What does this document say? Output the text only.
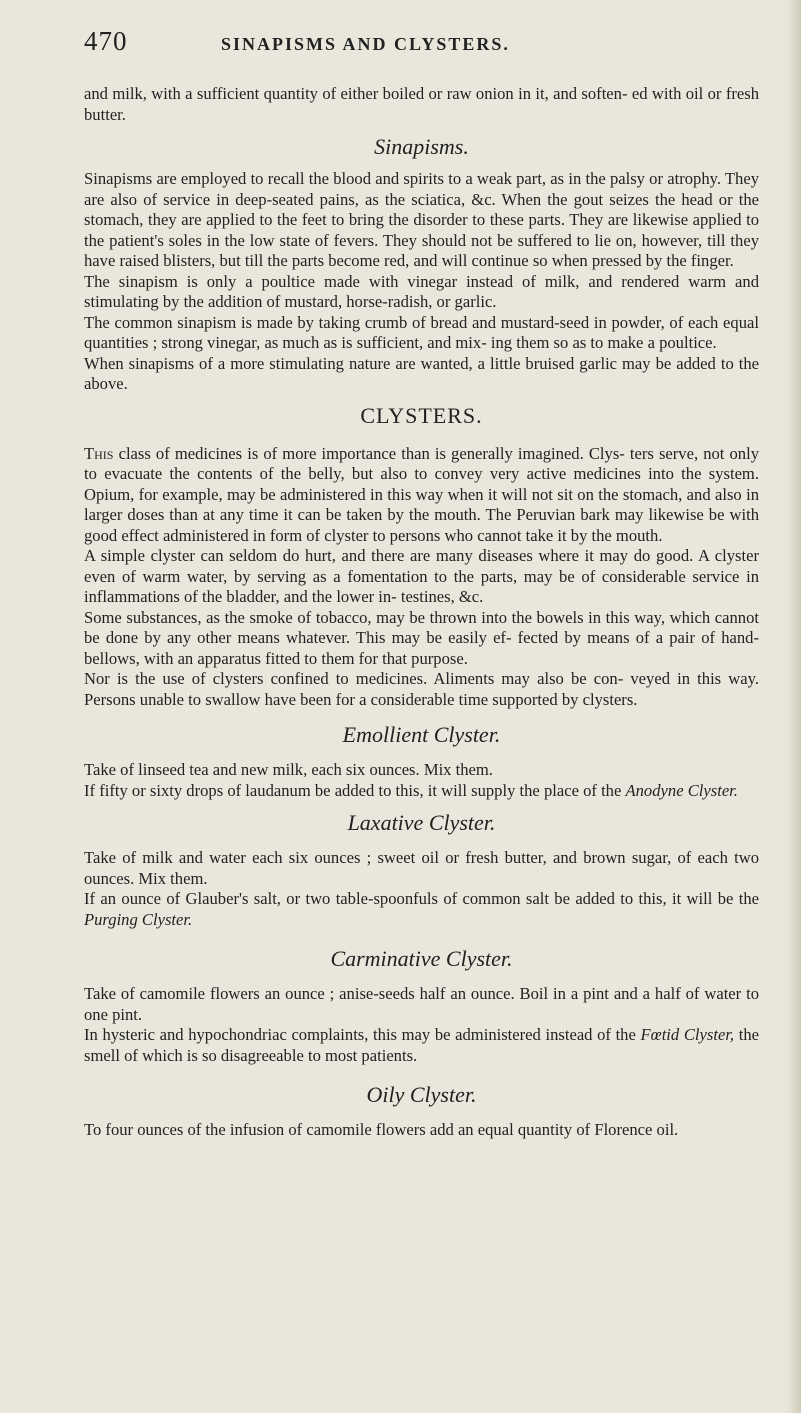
470	SINAPISMS AND CLYSTERS.

and milk, with a sufficient quantity of either boiled or raw onion in it, and soften- ed with oil or fresh butter.

Sinapisms.

Sinapisms are employed to recall the blood and spirits to a weak part, as in the palsy or atrophy. They are also of service in deep-seated pains, as the sciatica, &c. When the gout seizes the head or the stomach, they are applied to the feet to bring the disorder to these parts. They are likewise applied to the patient's soles in the low state of fevers. They should not be suffered to lie on, however, till they have raised blisters, but till the parts become red, and will continue so when pressed by the finger.

The sinapism is only a poultice made with vinegar instead of milk, and rendered warm and stimulating by the addition of mustard, horse-radish, or garlic.

The common sinapism is made by taking crumb of bread and mustard-seed in powder, of each equal quantities ; strong vinegar, as much as is sufficient, and mix- ing them so as to make a poultice.

When sinapisms of a more stimulating nature are wanted, a little bruised garlic may be added to the above.

CLYSTERS.

This class of medicines is of more importance than is generally imagined. Clys- ters serve, not only to evacuate the contents of the belly, but also to convey very active medicines into the system. Opium, for example, may be administered in this way when it will not sit on the stomach, and also in larger doses than at any time it can be taken by the mouth. The Peruvian bark may likewise be with good effect administered in form of clyster to persons who cannot take it by the mouth.

A simple clyster can seldom do hurt, and there are many diseases where it may do good. A clyster even of warm water, by serving as a fomentation to the parts, may be of considerable service in inflammations of the bladder, and the lower in- testines, &c.

Some substances, as the smoke of tobacco, may be thrown into the bowels in this way, which cannot be done by any other means whatever. This may be easily ef- fected by means of a pair of hand-bellows, with an apparatus fitted to them for that purpose.

Nor is the use of clysters confined to medicines. Aliments may also be con- veyed in this way. Persons unable to swallow have been for a considerable time supported by clysters.

Emollient Clyster.

Take of linseed tea and new milk, each six ounces. Mix them.

If fifty or sixty drops of laudanum be added to this, it will supply the place of the Anodyne Clyster.

Laxative Clyster.

Take of milk and water each six ounces ; sweet oil or fresh butter, and brown sugar, of each two ounces. Mix them.

If an ounce of Glauber's salt, or two table-spoonfuls of common salt be added to this, it will be the Purging Clyster.

Carminative Clyster.

Take of camomile flowers an ounce ; anise-seeds half an ounce. Boil in a pint and a half of water to one pint.

In hysteric and hypochondriac complaints, this may be administered instead of the Fœtid Clyster, the smell of which is so disagreeable to most patients.

Oily Clyster.

To four ounces of the infusion of camomile flowers add an equal quantity of Florence oil.
